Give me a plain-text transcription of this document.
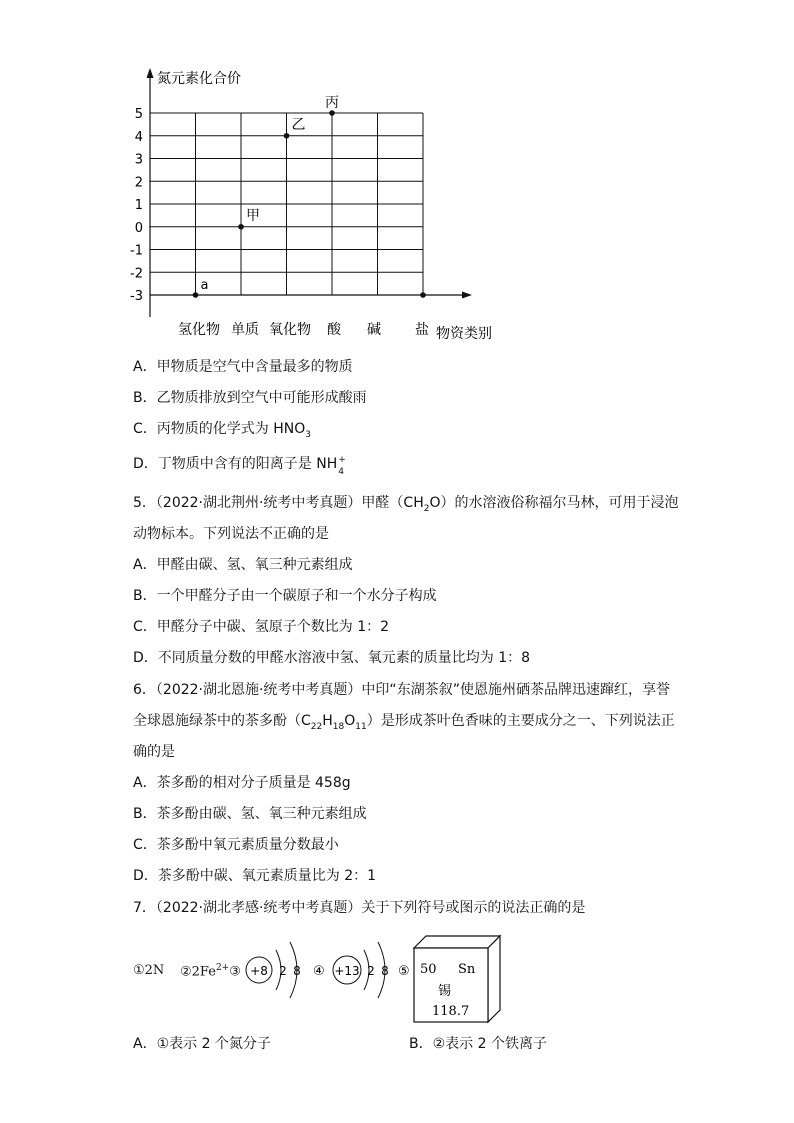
5
4
3
2
1
0
-1
-2
-3
氢化物 单质 氧化物 酸 碱 盐
a
甲
乙
丙
氮元素化合价
物资类别
A．甲物质是空气中含量最多的物质
B．乙物质排放到空气中可能形成酸雨
C．丙物质的化学式为 $HNO_3$
D．丁物质中含有的阳离子是 NH +
4
5．（2022·湖北荆州·统考中考真题）甲醛$(CH_2O)$的水溶液俗称福尔马林，可用于浸泡
动物标本。下列说法不正确的是
A．甲醛由碳、氢、氧三种元素组成
B．一个甲醛分子由一个碳原子和一个水分子构成
C．甲醛分子中碳、氢原子个数比为 1：2
D．不同质量分数的甲醛水溶液中氢、氧元素的质量比均为 1：8
6．（2022·湖北恩施·统考中考真题）中印“东湖茶叙”使恩施州硒茶品牌迅速蹿红，享誉
全球恩施绿茶中的茶多酚$(C_{22}H_{18}O_{11})$是形成茶叶色香味的主要成分之一、下列说法正
确的是
A．茶多酚的相对分子质量是 458g
B．茶多酚由碳、氢、氧三种元素组成
C．茶多酚中氧元素质量分数最小
D．茶多酚中碳、氧元素质量比为 2：1
7．（2022·湖北孝感·统考中考真题）关于下列符号或图示的说法正确的是
①2N $②2Fe^{2+}③ +8$ 2 8 ④ +13 2 8 ⑤ 50 Sn
锡
118.7
A．①表示 2 个氮分子	B．②表示 2 个铁离子
